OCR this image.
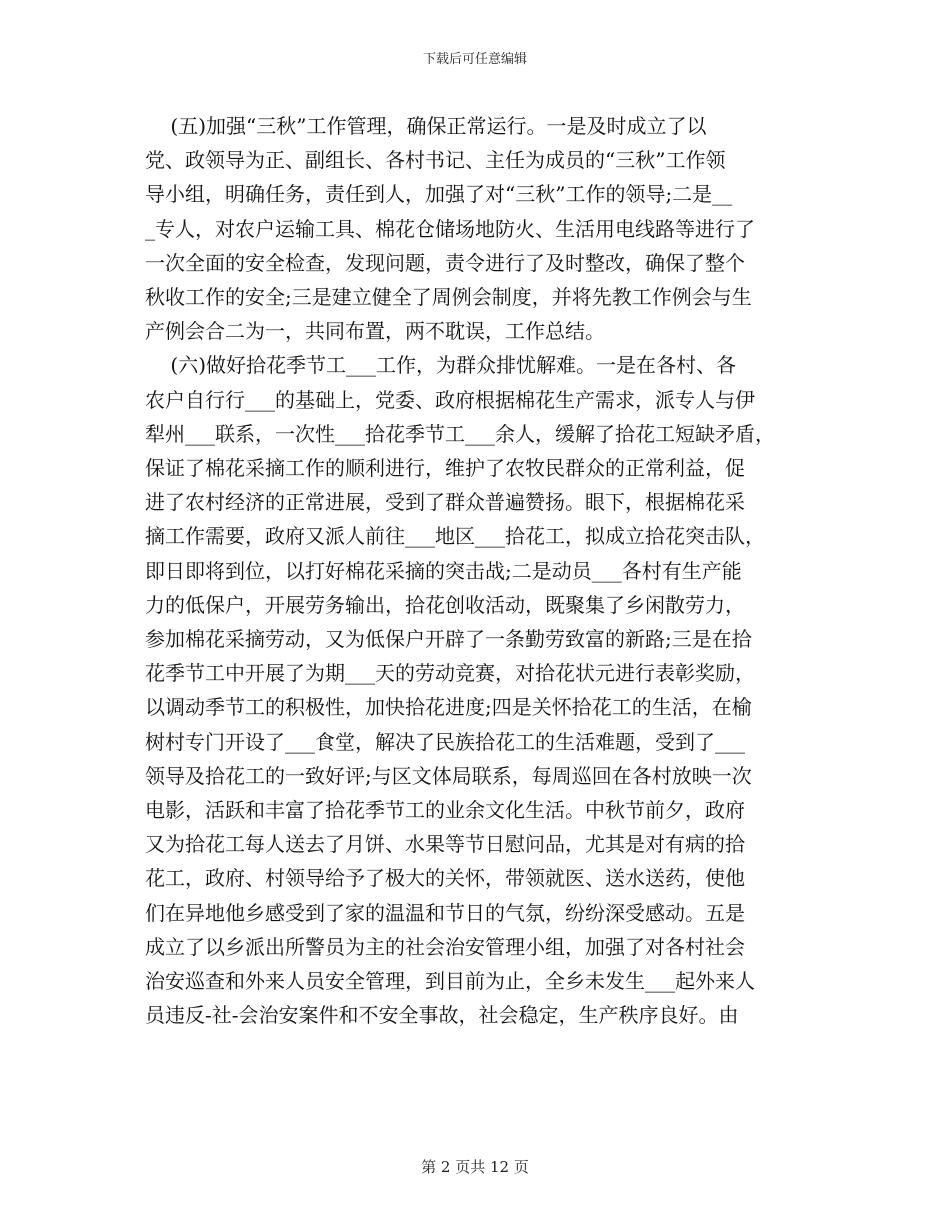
下载后可任意编辑
(五)加强“三秋”工作管理，确保正常运行。一是及时成立了以
党、政领导为正、副组长、各村书记、主任为成员的“三秋”工作领
导小组，明确任务，责任到人，加强了对“三秋”工作的领导;二是__
_专人，对农户运输工具、棉花仓储场地防火、生活用电线路等进行了
一次全面的安全检查，发现问题，责令进行了及时整改，确保了整个
秋收工作的安全;三是建立健全了周例会制度，并将先教工作例会与生
产例会合二为一，共同布置，两不耽误，工作总结。
(六)做好拾花季节工___工作，为群众排忧解难。一是在各村、各
农户自行行___的基础上，党委、政府根据棉花生产需求，派专人与伊
犁州___联系，一次性___拾花季节工___余人，缓解了拾花工短缺矛盾，
保证了棉花采摘工作的顺利进行，维护了农牧民群众的正常利益，促
进了农村经济的正常进展，受到了群众普遍赞扬。眼下，根据棉花采
摘工作需要，政府又派人前往___地区___拾花工，拟成立拾花突击队，
即日即将到位，以打好棉花采摘的突击战;二是动员___各村有生产能
力的低保户，开展劳务输出，拾花创收活动，既聚集了乡闲散劳力，
参加棉花采摘劳动，又为低保户开辟了一条勤劳致富的新路;三是在拾
花季节工中开展了为期___天的劳动竞赛，对拾花状元进行表彰奖励，
以调动季节工的积极性，加快拾花进度;四是关怀拾花工的生活，在榆
树村专门开设了___食堂，解决了民族拾花工的生活难题，受到了___
领导及拾花工的一致好评;与区文体局联系，每周巡回在各村放映一次
电影，活跃和丰富了拾花季节工的业余文化生活。中秋节前夕，政府
又为拾花工每人送去了月饼、水果等节日慰问品，尤其是对有病的拾
花工，政府、村领导给予了极大的关怀，带领就医、送水送药，使他
们在异地他乡感受到了家的温温和节日的气氛，纷纷深受感动。五是
成立了以乡派出所警员为主的社会治安管理小组，加强了对各村社会
治安巡查和外来人员安全管理，到目前为止，全乡未发生___起外来人
员违反-社-会治安案件和不安全事故，社会稳定，生产秩序良好。由
第 2 页共 12 页
